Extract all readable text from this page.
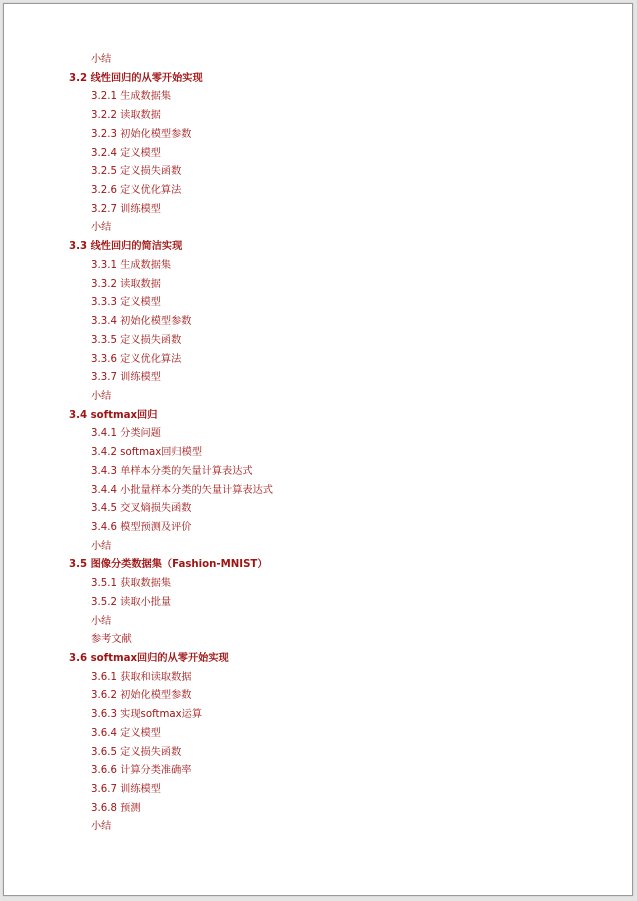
小结
3.2 线性回归的从零开始实现
3.2.1 生成数据集
3.2.2 读取数据
3.2.3 初始化模型参数
3.2.4 定义模型
3.2.5 定义损失函数
3.2.6 定义优化算法
3.2.7 训练模型
小结
3.3 线性回归的简洁实现
3.3.1 生成数据集
3.3.2 读取数据
3.3.3 定义模型
3.3.4 初始化模型参数
3.3.5 定义损失函数
3.3.6 定义优化算法
3.3.7 训练模型
小结
3.4 softmax回归
3.4.1 分类问题
3.4.2 softmax回归模型
3.4.3 单样本分类的矢量计算表达式
3.4.4 小批量样本分类的矢量计算表达式
3.4.5 交叉熵损失函数
3.4.6 模型预测及评价
小结
3.5 图像分类数据集（Fashion-MNIST）
3.5.1 获取数据集
3.5.2 读取小批量
小结
参考文献
3.6 softmax回归的从零开始实现
3.6.1 获取和读取数据
3.6.2 初始化模型参数
3.6.3 实现softmax运算
3.6.4 定义模型
3.6.5 定义损失函数
3.6.6 计算分类准确率
3.6.7 训练模型
3.6.8 预测
小结
